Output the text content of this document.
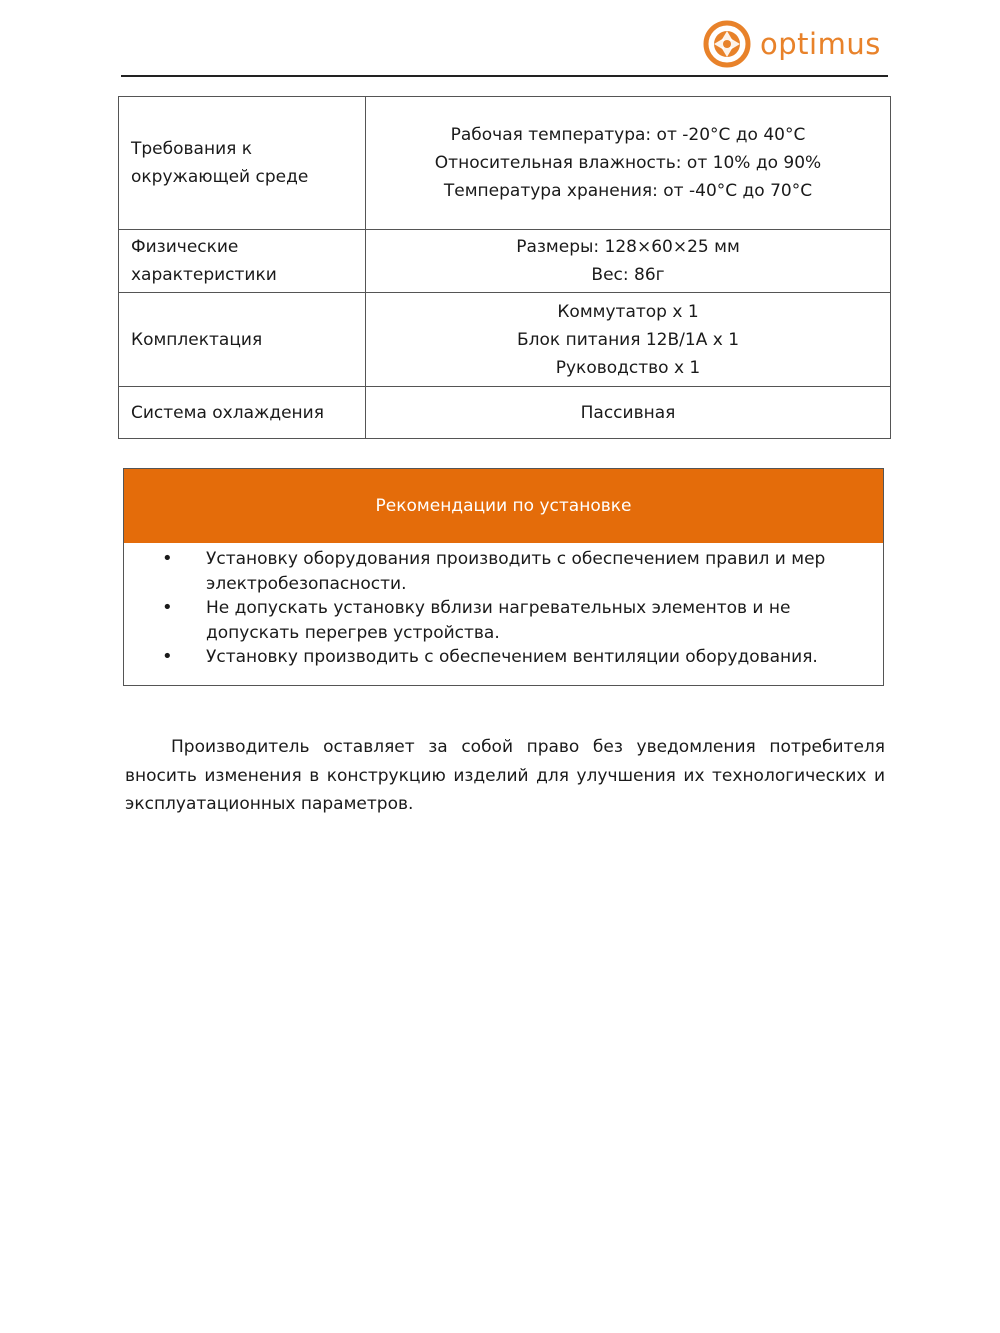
optimus
Требования к окружающей среде	Рабочая температура: от -20°С до 40°С
Относительная влажность: от 10% до 90%
Температура хранения: от -40°С до 70°С

Физические характеристики	Размеры: 128×60×25 мм
Вес: 86г

Комплектация	Коммутатор х 1
Блок питания 12В/1А х 1
Руководство х 1

Система охлаждения	Пассивная
Рекомендации по установке
• Установку оборудования производить с обеспечением правил и мер электробезопасности.
• Не допускать установку вблизи нагревательных элементов и не допускать перегрев устройства.
• Установку производить с обеспечением вентиляции оборудования.

Производитель оставляет за собой право без уведомления потребителя вносить изменения в конструкцию изделий для улучшения их технологических и эксплуатационных параметров.
